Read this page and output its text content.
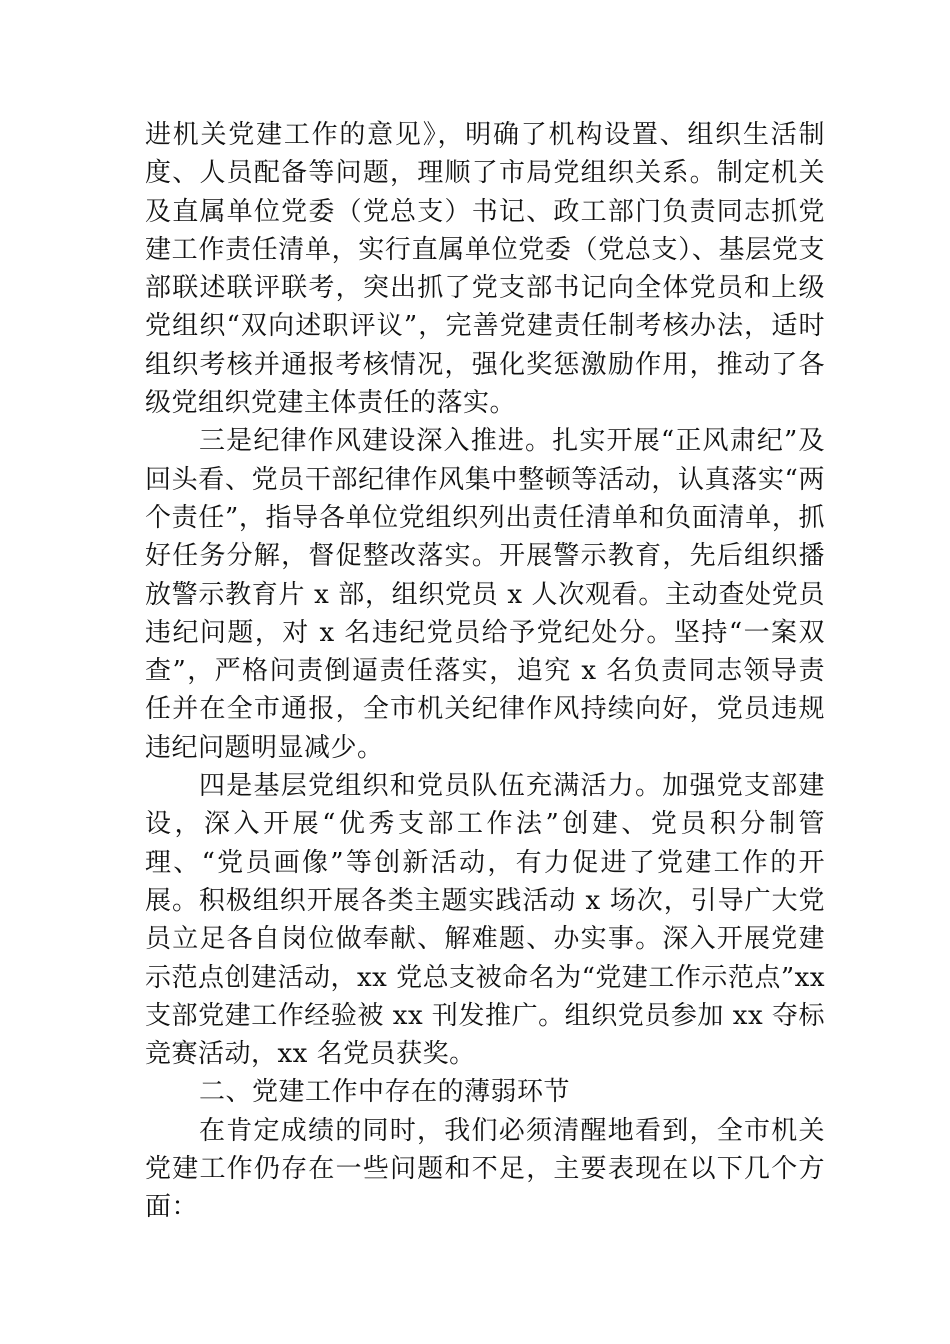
进机关党建工作的意见》，明确了机构设置、组织生活制度、人员配备等问题，理顺了市局党组织关系。制定机关及直属单位党委（党总支）书记、政工部门负责同志抓党建工作责任清单，实行直属单位党委（党总支）、基层党支部联述联评联考，突出抓了党支部书记向全体党员和上级党组织“双向述职评议”，完善党建责任制考核办法，适时组织考核并通报考核情况，强化奖惩激励作用，推动了各级党组织党建主体责任的落实。

三是纪律作风建设深入推进。扎实开展“正风肃纪”及回头看、党员干部纪律作风集中整顿等活动，认真落实“两个责任”，指导各单位党组织列出责任清单和负面清单，抓好任务分解，督促整改落实。开展警示教育，先后组织播放警示教育片 x 部，组织党员 x 人次观看。主动查处党员违纪问题，对 x 名违纪党员给予党纪处分。坚持“一案双查”，严格问责倒逼责任落实，追究 x 名负责同志领导责任并在全市通报，全市机关纪律作风持续向好，党员违规违纪问题明显减少。

四是基层党组织和党员队伍充满活力。加强党支部建设，深入开展“优秀支部工作法”创建、党员积分制管理、“党员画像”等创新活动，有力促进了党建工作的开展。积极组织开展各类主题实践活动 x 场次，引导广大党员立足各自岗位做奉献、解难题、办实事。深入开展党建示范点创建活动，xx 党总支被命名为“党建工作示范点”xx 支部党建工作经验被 xx 刊发推广。组织党员参加 xx 夺标竞赛活动，xx 名党员获奖。

二、党建工作中存在的薄弱环节

在肯定成绩的同时，我们必须清醒地看到，全市机关党建工作仍存在一些问题和不足，主要表现在以下几个方面：
